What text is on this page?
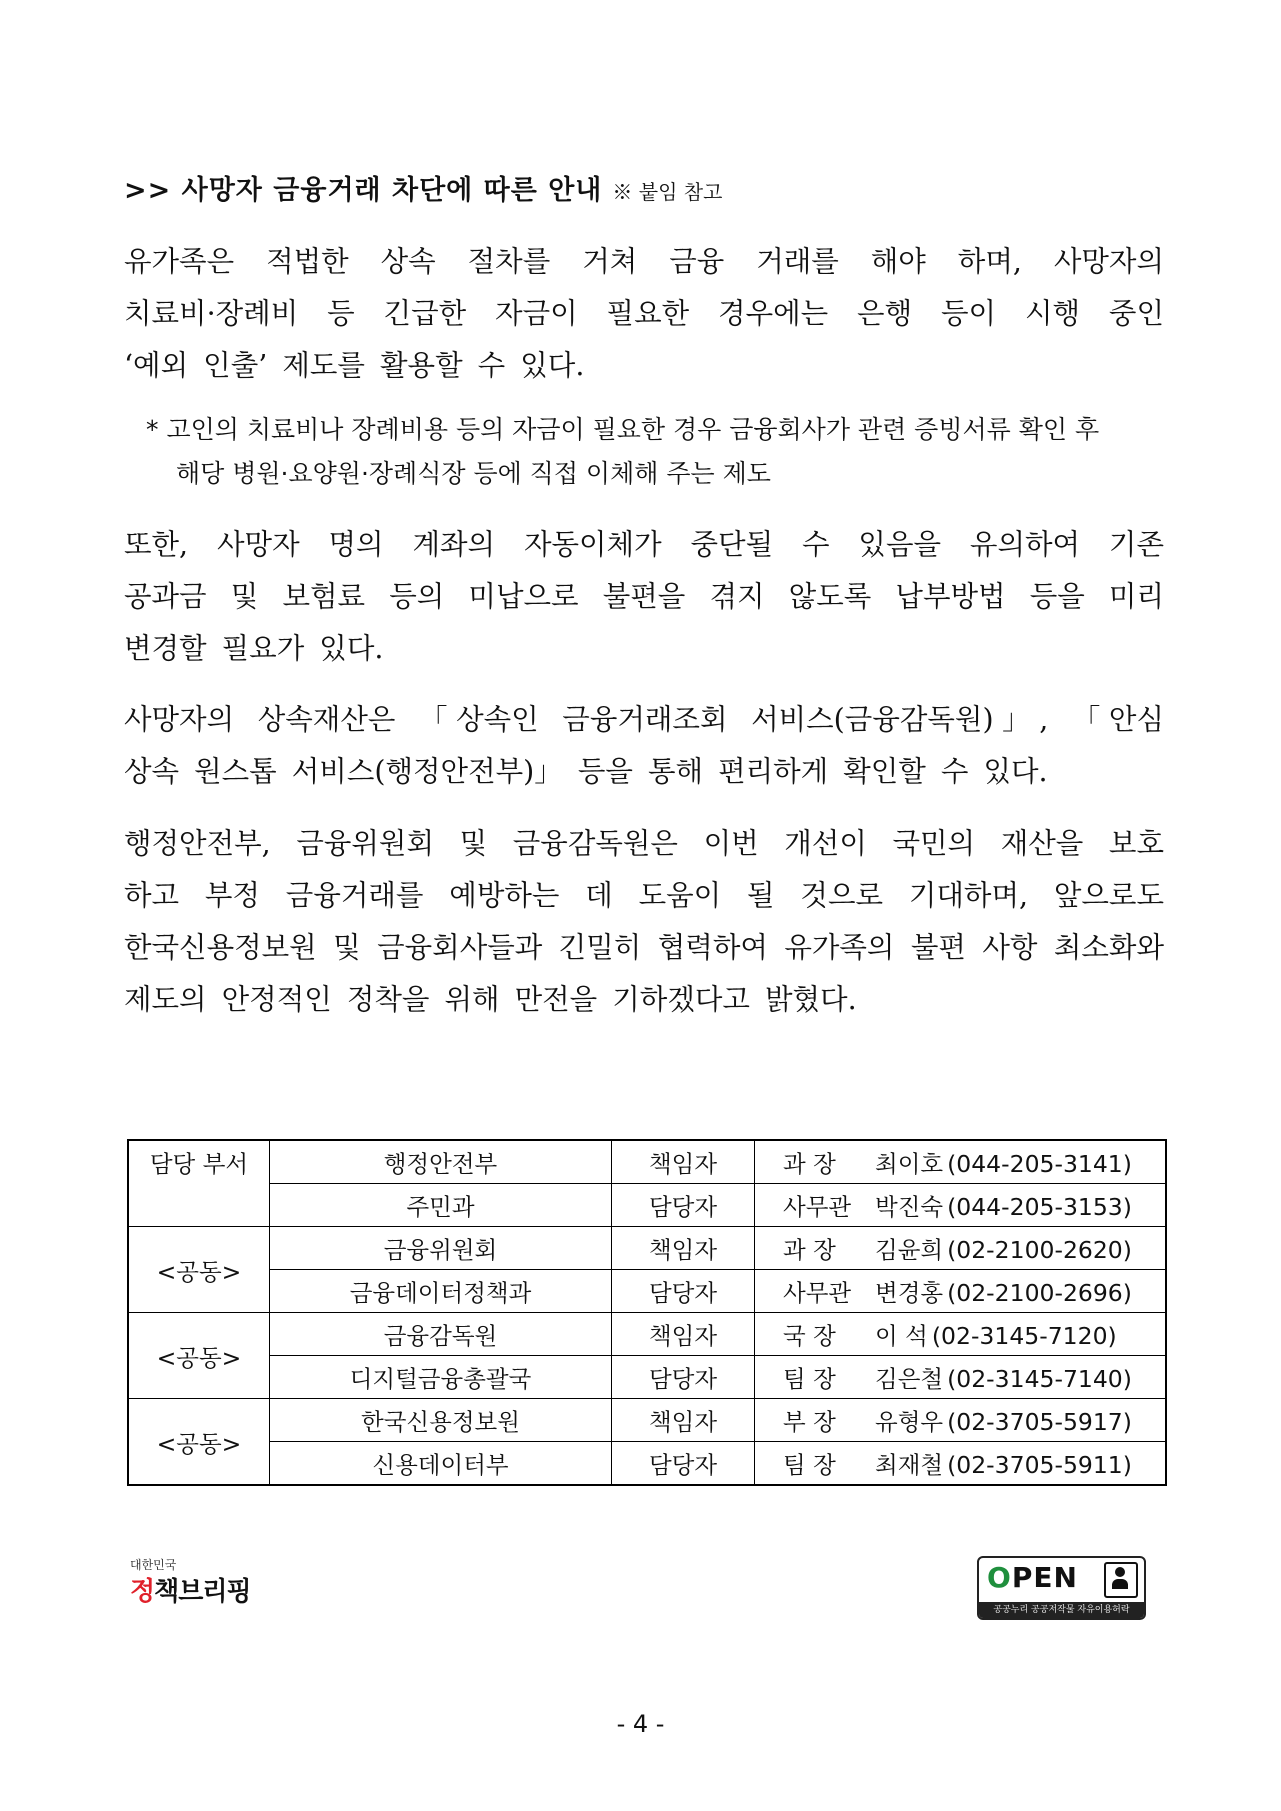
>> 사망자 금융거래 차단에 따른 안내 ※ 붙임 참고
유가족은 적법한 상속 절차를 거쳐 금융 거래를 해야 하며, 사망자의
치료비·장례비 등 긴급한 자금이 필요한 경우에는 은행 등이 시행 중인
‘예외 인출’ 제도를 활용할 수 있다.
* 고인의 치료비나 장례비용 등의 자금이 필요한 경우 금융회사가 관련 증빙서류 확인 후
해당 병원·요양원·장례식장 등에 직접 이체해 주는 제도
또한, 사망자 명의 계좌의 자동이체가 중단될 수 있음을 유의하여 기존
공과금 및 보험료 등의 미납으로 불편을 겪지 않도록 납부방법 등을 미리
변경할 필요가 있다.
사망자의 상속재산은 「상속인 금융거래조회 서비스(금융감독원)」, 「안심
상속 원스톱 서비스(행정안전부)」 등을 통해 편리하게 확인할 수 있다.
행정안전부, 금융위원회 및 금융감독원은 이번 개선이 국민의 재산을 보호
하고 부정 금융거래를 예방하는 데 도움이 될 것으로 기대하며, 앞으로도
한국신용정보원 및 금융회사들과 긴밀히 협력하여 유가족의 불편 사항 최소화와
제도의 안정적인 정착을 위해 만전을 기하겠다고 밝혔다.
담당 부서	행정안전부	책임자	과 장 최이호 (044-205-3141)
	주민과	담당자	사무관 박진숙 (044-205-3153)
<공동>	금융위원회	책임자	과 장 김윤희 (02-2100-2620)
	금융데이터정책과	담당자	사무관 변경홍 (02-2100-2696)
<공동>	금융감독원	책임자	국 장 이 석 (02-3145-7120)
	디지털금융총괄국	담당자	팀 장 김은철 (02-3145-7140)
<공동>	한국신용정보원	책임자	부 장 유형우 (02-3705-5917)
	신용데이터부	담당자	팀 장 최재철 (02-3705-5911)
대한민국
정책브리핑	OPEN
공공누리 공공저작물 자유이용허락
- 4 -
